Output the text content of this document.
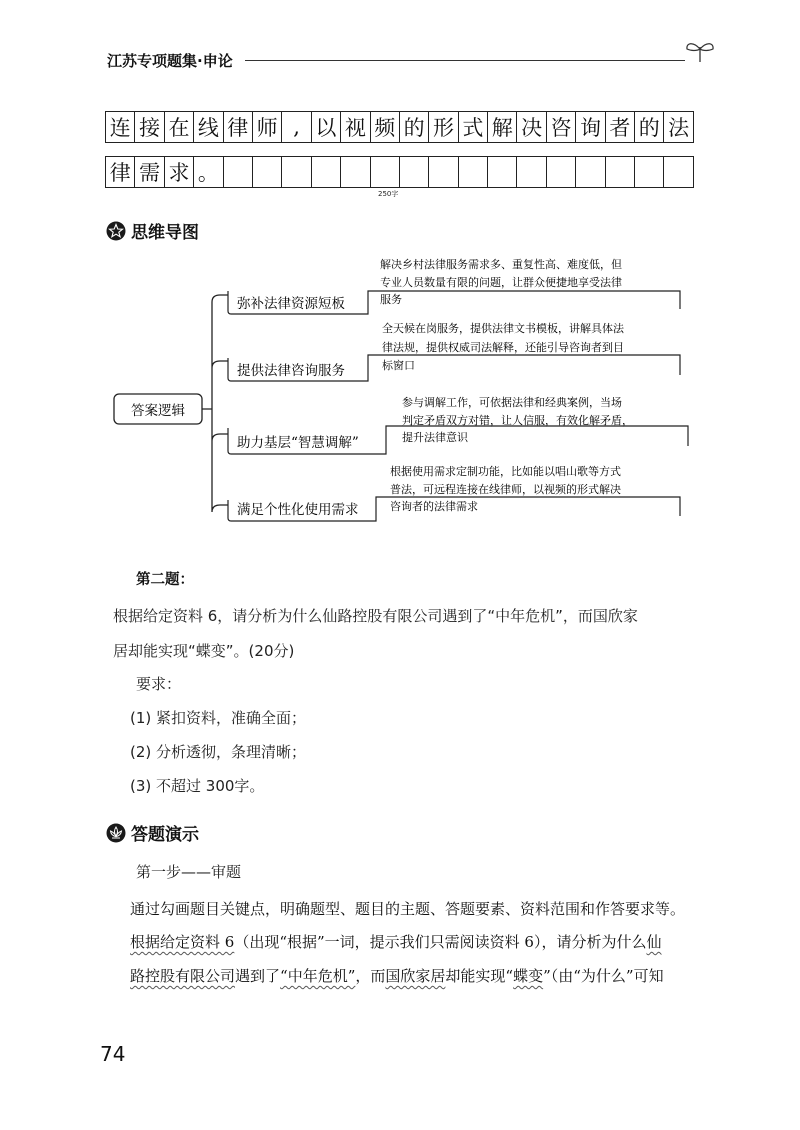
江苏专项题集·申论
连	接	在	线	律	师	,	以	视	频	的	形	式	解	决	咨	询	者	的	法
律	需	求	。																
250字
思维导图
答案逻辑
弥补法律资源短板
解决乡村法律服务需求多、重复性高、难度低，但
专业人员数量有限的问题，让群众便捷地享受法律
服务
提供法律咨询服务
全天候在岗服务，提供法律文书模板，讲解具体法
律法规，提供权威司法解释，还能引导咨询者到目
标窗口
助力基层“智慧调解”
参与调解工作，可依据法律和经典案例，当场
判定矛盾双方对错，让人信服，有效化解矛盾，
提升法律意识
满足个性化使用需求
根据使用需求定制功能，比如能以唱山歌等方式
普法，可远程连接在线律师，以视频的形式解决
咨询者的法律需求
第二题：
根据给定资料 6，请分析为什么仙路控股有限公司遇到了“中年危机”，而国欣家
居却能实现“蝶变”。(20分)
要求：
(1) 紧扣资料，准确全面；
(2) 分析透彻，条理清晰；
(3) 不超过 300字。
答题演示
第一步——审题
通过勾画题目关键点，明确题型、题目的主题、答题要素、资料范围和作答要求等。
根据给定资料 6（出现“根据”一词，提示我们只需阅读资料 6），请分析为什么仙
路控股有限公司遇到了“中年危机”，而国欣家居却能实现“蝶变”（由“为什么”可知
74
